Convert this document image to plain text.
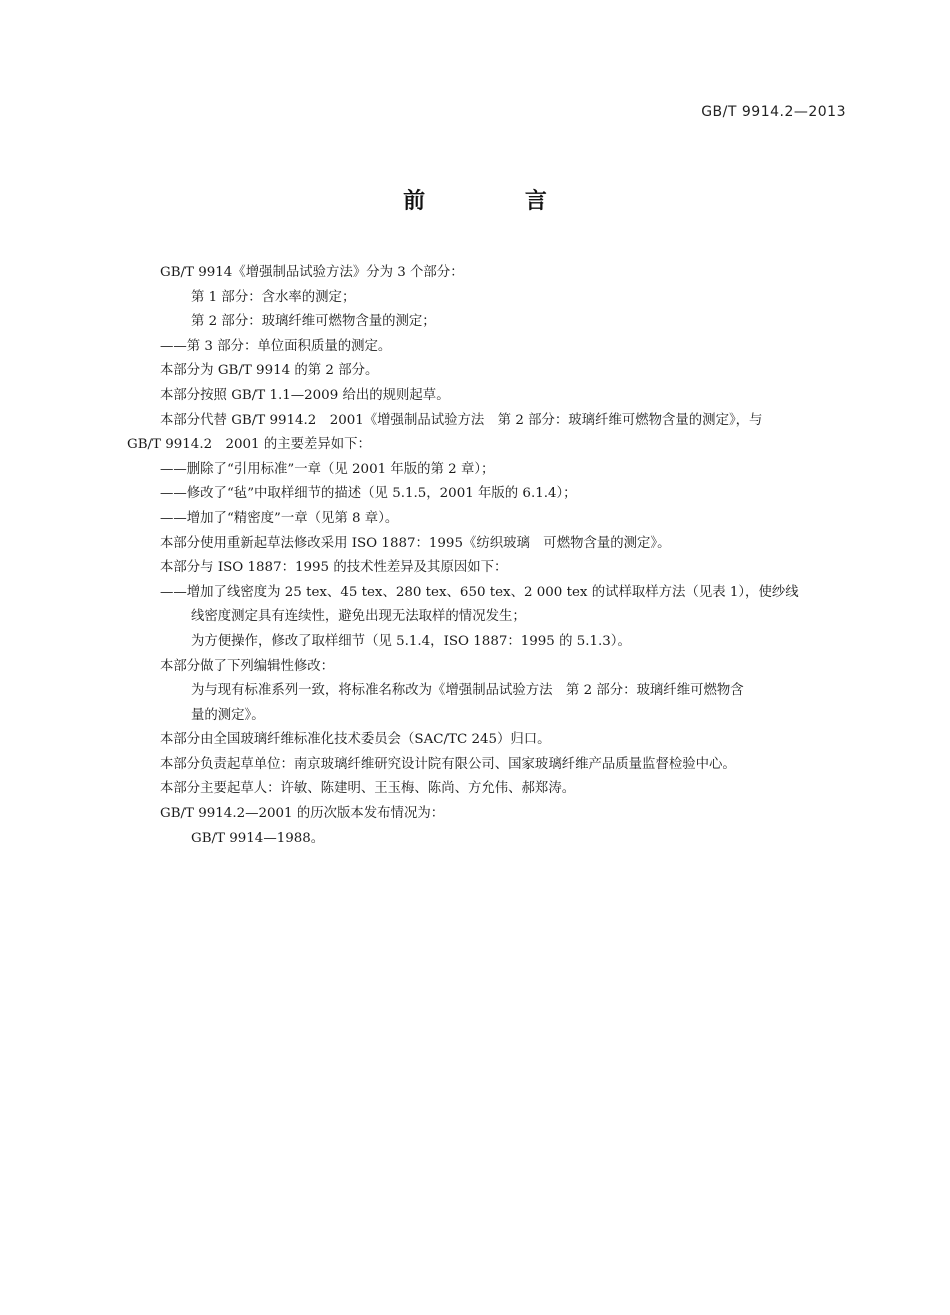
GB/T 9914.2—2013
前 言
GB/T 9914《增强制品试验方法》分为 3 个部分：
第 1 部分：含水率的测定；
第 2 部分：玻璃纤维可燃物含量的测定；
——第 3 部分：单位面积质量的测定。
本部分为 GB/T 9914 的第 2 部分。
本部分按照 GB/T 1.1—2009 给出的规则起草。
本部分代替 GB/T 9914.2　2001《增强制品试验方法　第 2 部分：玻璃纤维可燃物含量的测定》，与
GB/T 9914.2　2001 的主要差异如下：
——删除了“引用标准”一章（见 2001 年版的第 2 章）；
——修改了“毡”中取样细节的描述（见 5.1.5，2001 年版的 6.1.4）；
——增加了“精密度”一章（见第 8 章）。
本部分使用重新起草法修改采用 ISO 1887：1995《纺织玻璃　可燃物含量的测定》。
本部分与 ISO 1887：1995 的技术性差异及其原因如下：
——增加了线密度为 25 tex、45 tex、280 tex、650 tex、2 000 tex 的试样取样方法（见表 1），使纱线
线密度测定具有连续性，避免出现无法取样的情况发生；
为方便操作，修改了取样细节（见 5.1.4，ISO 1887：1995 的 5.1.3）。
本部分做了下列编辑性修改：
为与现有标准系列一致，将标准名称改为《增强制品试验方法　第 2 部分：玻璃纤维可燃物含
量的测定》。
本部分由全国玻璃纤维标准化技术委员会（SAC/TC 245）归口。
本部分负责起草单位：南京玻璃纤维研究设计院有限公司、国家玻璃纤维产品质量监督检验中心。
本部分主要起草人：许敏、陈建明、王玉梅、陈尚、方允伟、郝郑涛。
GB/T 9914.2—2001 的历次版本发布情况为：
GB/T 9914—1988。
